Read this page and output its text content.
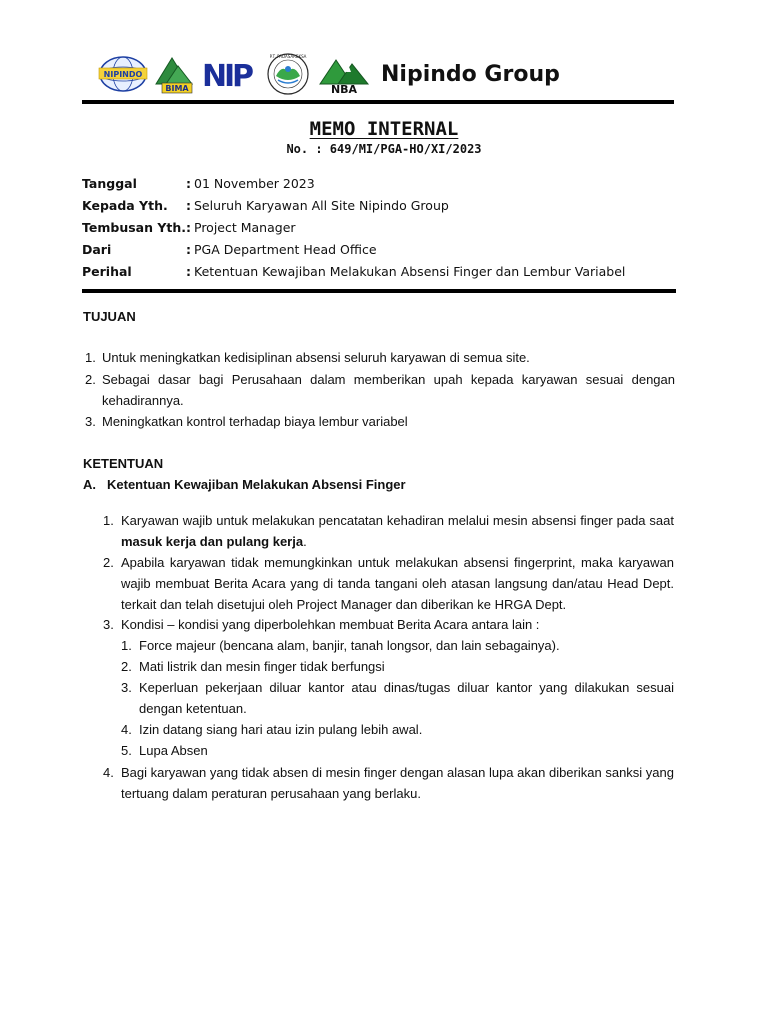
NIPINDO
BIMA NIP
P.T. PADASAREKSA
NBA
Nipindo Group
MEMO INTERNAL
No. : 649/MI/PGA-HO/XI/2023
Tanggal	: 01 November 2023
Kepada Yth. : Seluruh Karyawan All Site Nipindo Group
Tembusan Yth. : Project Manager
Dari	: PGA Department Head Office
Perihal	: Ketentuan Kewajiban Melakukan Absensi Finger dan Lembur Variabel
TUJUAN
1. Untuk meningkatkan kedisiplinan absensi seluruh karyawan di semua site.
2. Sebagai dasar bagi Perusahaan dalam memberikan upah kepada karyawan sesuai dengan
kehadirannya.
3. Meningkatkan kontrol terhadap biaya lembur variabel
KETENTUAN
A. Ketentuan Kewajiban Melakukan Absensi Finger
1. Karyawan wajib untuk melakukan pencatatan kehadiran melalui mesin absensi finger pada saat
masuk kerja dan pulang kerja.
2. Apabila karyawan tidak memungkinkan untuk melakukan absensi fingerprint, maka karyawan
wajib membuat Berita Acara yang di tanda tangani oleh atasan langsung dan/atau Head Dept.
terkait dan telah disetujui oleh Project Manager dan diberikan ke HRGA Dept.
3. Kondisi – kondisi yang diperbolehkan membuat Berita Acara antara lain :
1. Force majeur (bencana alam, banjir, tanah longsor, dan lain sebagainya).
2. Mati listrik dan mesin finger tidak berfungsi
3. Keperluan pekerjaan diluar kantor atau dinas/tugas diluar kantor yang dilakukan sesuai
dengan ketentuan.
4. Izin datang siang hari atau izin pulang lebih awal.
5. Lupa Absen
4. Bagi karyawan yang tidak absen di mesin finger dengan alasan lupa akan diberikan sanksi yang
tertuang dalam peraturan perusahaan yang berlaku.
